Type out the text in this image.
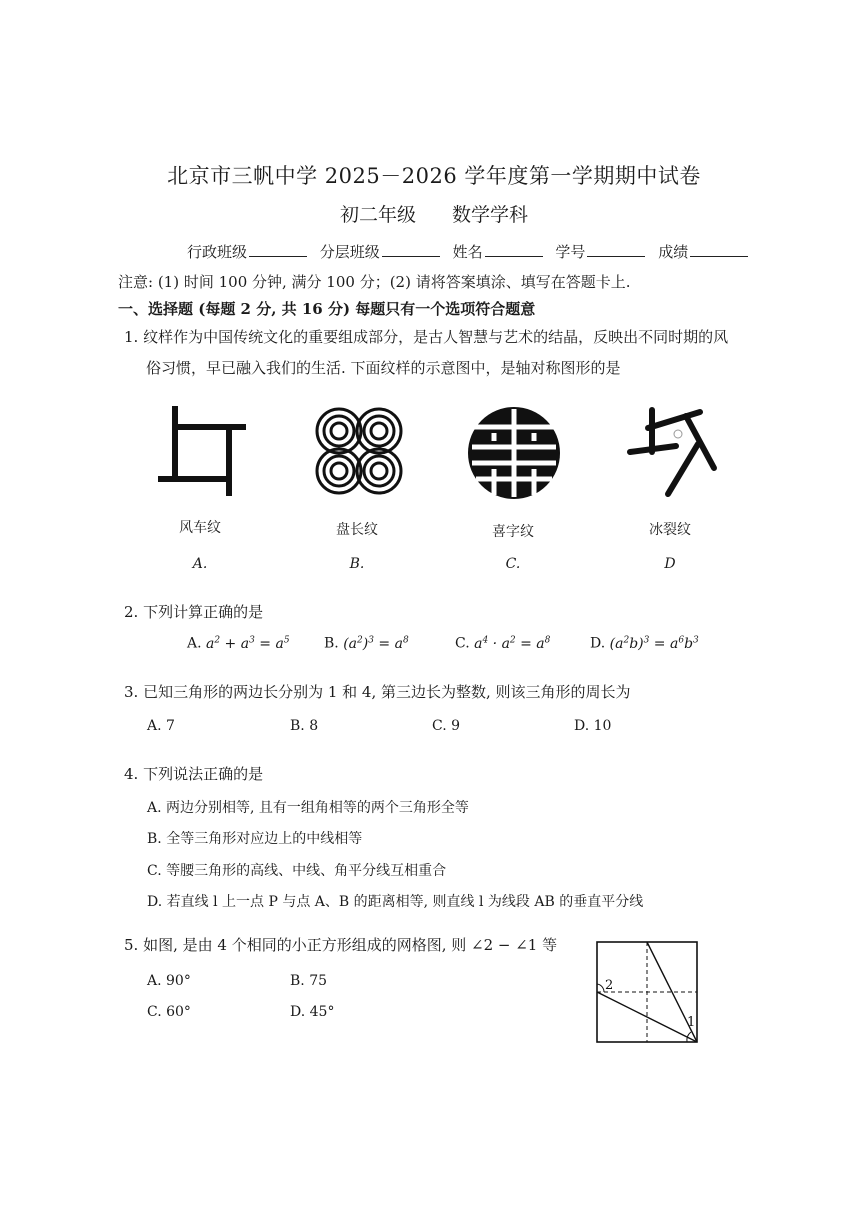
北京市三帆中学 2025－2026 学年度第一学期期中试卷
初二年级 数学学科
行政班级	分层班级	姓名	学号	成绩
注意: (1) 时间 100 分钟, 满分 100 分；(2) 请将答案填涂、填写在答题卡上.
一、选择题 (每题 2 分, 共 16 分) 每题只有一个选项符合题意
1. 纹样作为中国传统文化的重要组成部分，是古人智慧与艺术的结晶，反映出不同时期的风
俗习惯，早已融入我们的生活. 下面纹样的示意图中，是轴对称图形的是
风车纹	盘长纹	喜字纹	冰裂纹
A.	B.	C.	D
2. 下列计算正确的是
A. $a^2 + a^3 = a^5$ B. $(a^2)^3 = a^8$	C. $a^4 \cdot a^2 = a^8$	D. $(a^2b)^3 = a^6b^3$
3. 已知三角形的两边长分别为 1 和 4, 第三边长为整数, 则该三角形的周长为
A. 7	B. 8	C. 9	D. 10
4. 下列说法正确的是
A. 两边分别相等, 且有一组角相等的两个三角形全等
B. 全等三角形对应边上的中线相等
C. 等腰三角形的高线、中线、角平分线互相重合
D. 若直线 l 上一点 P 与点 A、B 的距离相等, 则直线 l 为线段 AB 的垂直平分线
5. 如图, 是由 4 个相同的小正方形组成的网格图, 则 ∠2 − ∠1 等
A. 90°	B. 75
C. 60°	D. 45°
2
1
